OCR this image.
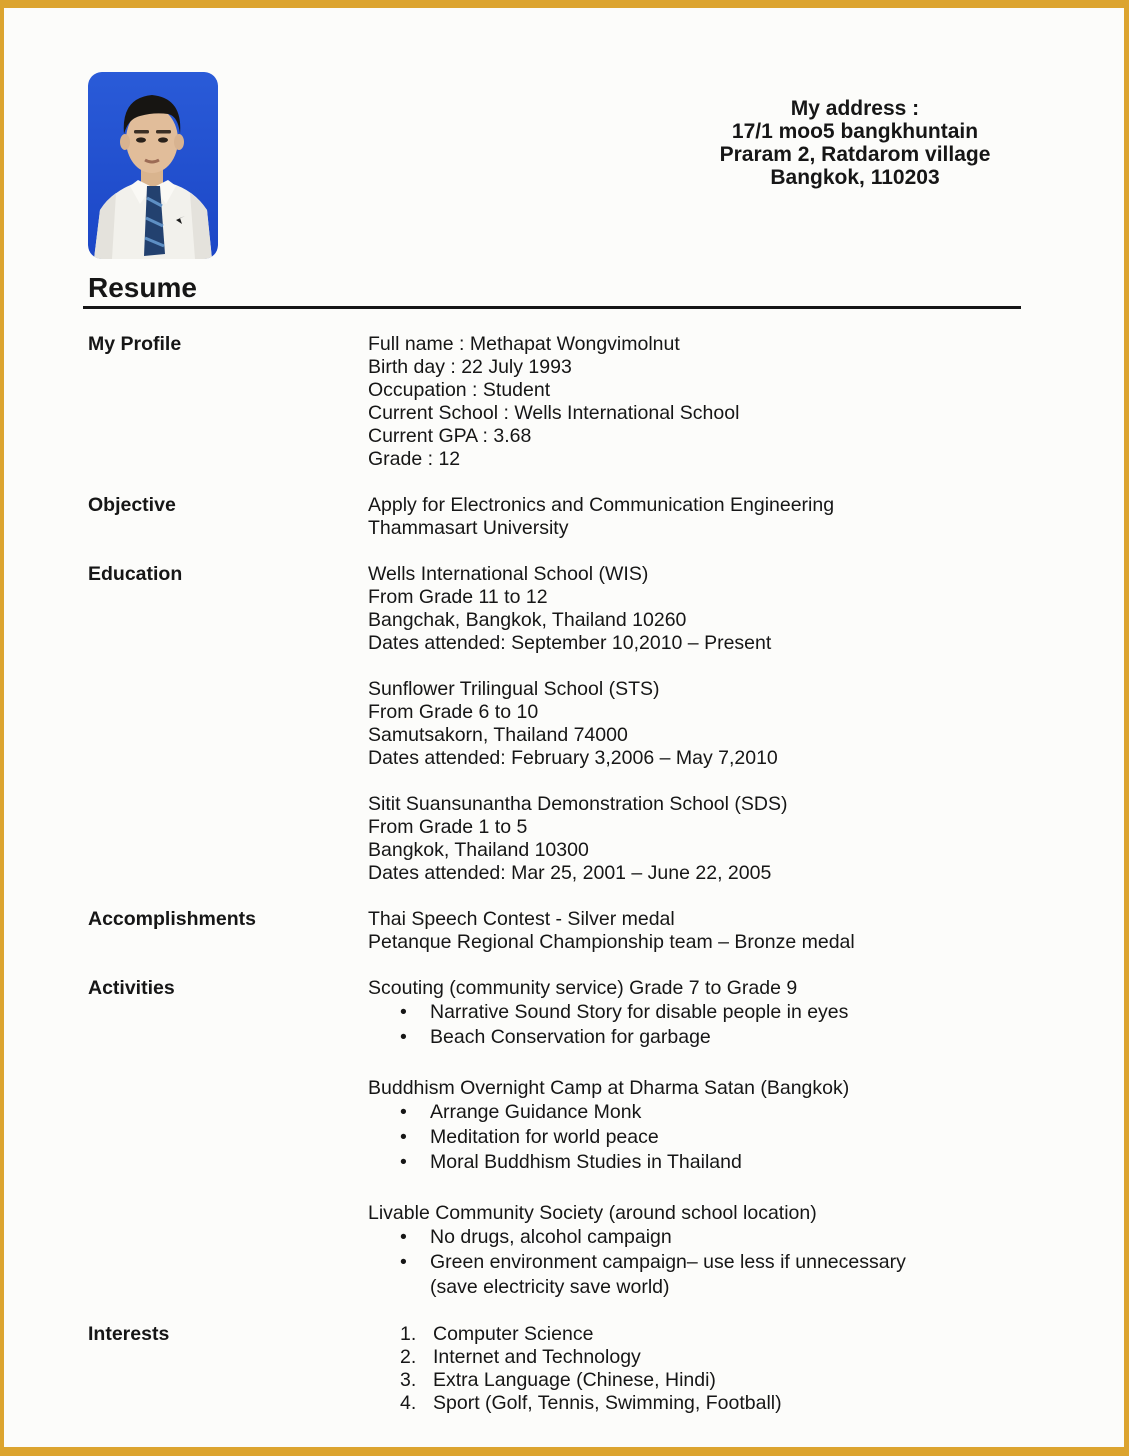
My address :
17/1 moo5 bangkhuntain
Praram 2, Ratdarom village
Bangkok, 110203
Resume
My Profile	Full name : Methapat Wongvimolnut
Birth day : 22 July 1993
Occupation : Student
Current School : Wells International School
Current GPA : 3.68
Grade : 12
Objective	Apply for Electronics and Communication Engineering
Thammasart University
Education	Wells International School (WIS)
From Grade 11 to 12
Bangchak, Bangkok, Thailand 10260
Dates attended: September 10,2010 – Present
Sunflower Trilingual School (STS)
From Grade 6 to 10
Samutsakorn, Thailand 74000
Dates attended: February 3,2006 – May 7,2010
Sitit Suansunantha Demonstration School (SDS)
From Grade 1 to 5
Bangkok, Thailand 10300
Dates attended: Mar 25, 2001 – June 22, 2005
Accomplishments	Thai Speech Contest - Silver medal
Petanque Regional Championship team – Bronze medal
Activities	Scouting (community service) Grade 7 to Grade 9
•	Narrative Sound Story for disable people in eyes
•	Beach Conservation for garbage
Buddhism Overnight Camp at Dharma Satan (Bangkok)
•	Arrange Guidance Monk
•	Meditation for world peace
•	Moral Buddhism Studies in Thailand
Livable Community Society (around school location)
•	No drugs, alcohol campaign
•	Green environment campaign– use less if unnecessary
(save electricity save world)
Interests	1. Computer Science
2. Internet and Technology
3. Extra Language (Chinese, Hindi)
4. Sport (Golf, Tennis, Swimming, Football)
